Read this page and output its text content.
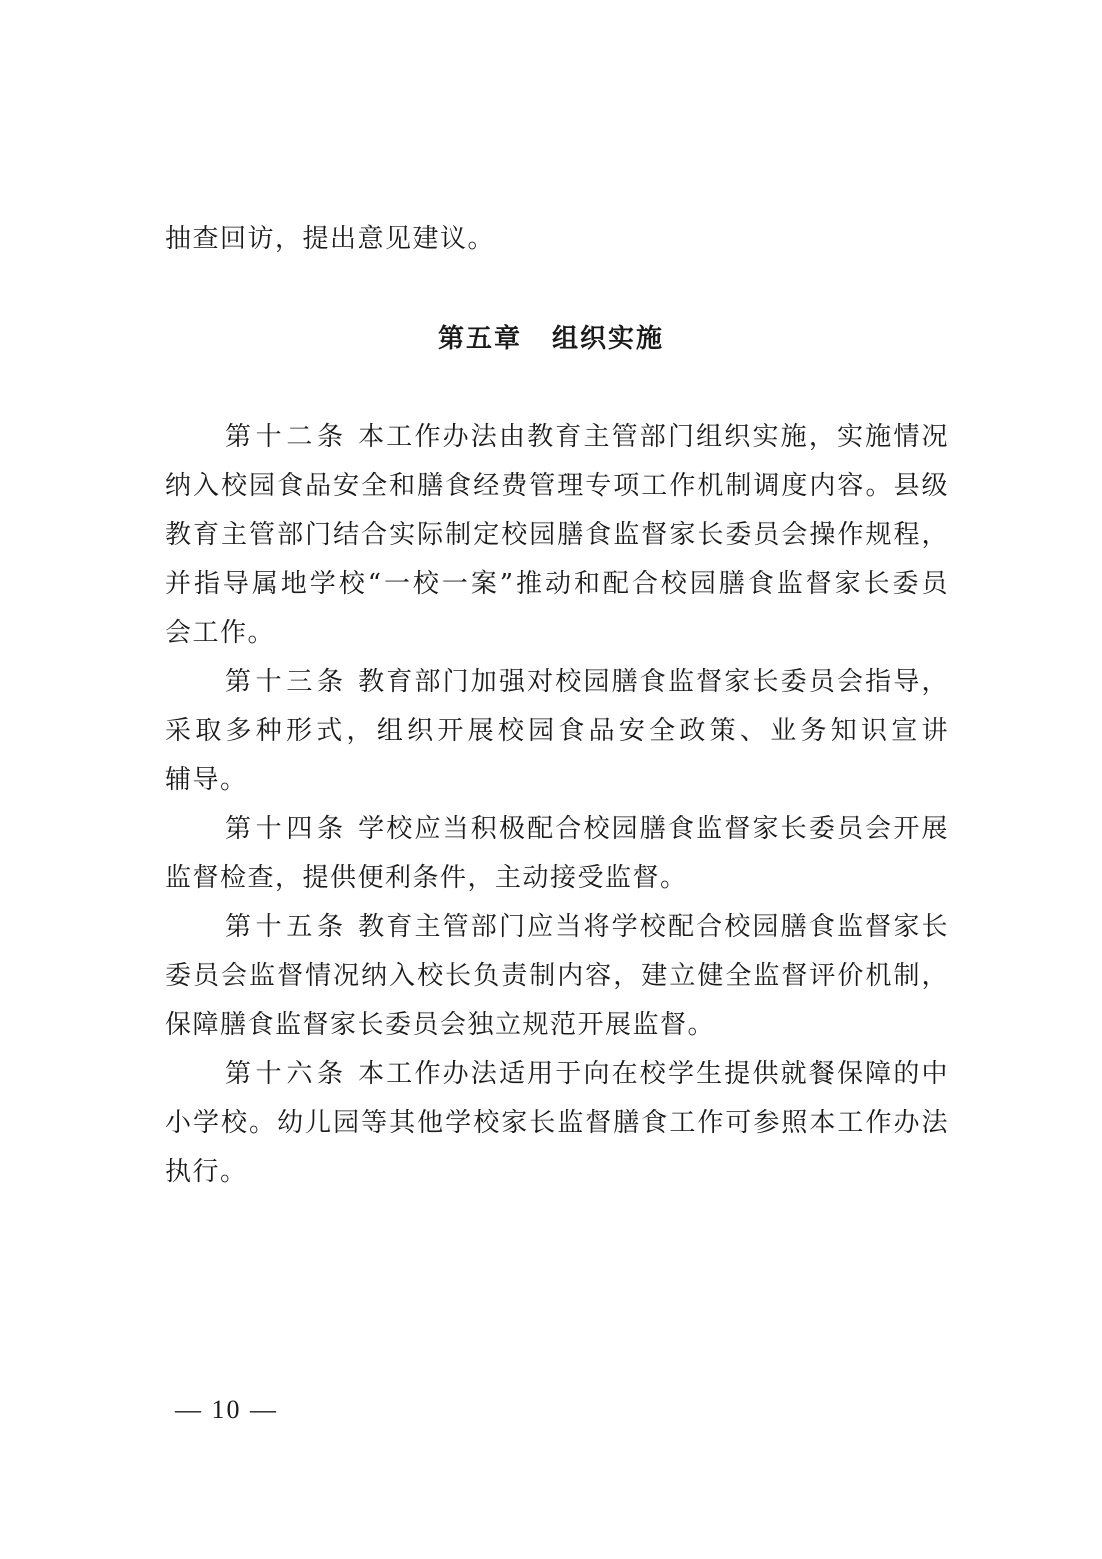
抽查回访，提出意见建议。
第五章 组织实施
第十二条 本工作办法由教育主管部门组织实施，实施情况
纳入校园食品安全和膳食经费管理专项工作机制调度内容。县级
教育主管部门结合实际制定校园膳食监督家长委员会操作规程，
并指导属地学校“一校一案”推动和配合校园膳食监督家长委员
会工作。
第十三条 教育部门加强对校园膳食监督家长委员会指导，
采取多种形式，组织开展校园食品安全政策、业务知识宣讲
辅导。
第十四条 学校应当积极配合校园膳食监督家长委员会开展
监督检查，提供便利条件，主动接受监督。
第十五条 教育主管部门应当将学校配合校园膳食监督家长
委员会监督情况纳入校长负责制内容，建立健全监督评价机制，
保障膳食监督家长委员会独立规范开展监督。
第十六条 本工作办法适用于向在校学生提供就餐保障的中
小学校。幼儿园等其他学校家长监督膳食工作可参照本工作办法
执行。
— 10 —
